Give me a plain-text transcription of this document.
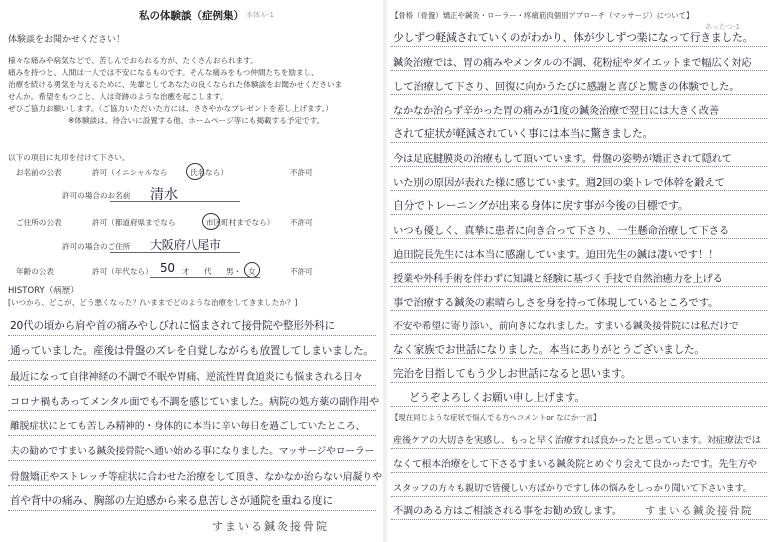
私の体験談（症例集） 本体ル-1
体験談をお聞かせください！
様々な痛みや病気などで、苦しんでおられる方が、たくさんおられます。
痛みを持つと、人間は一人では不安になるものです。そんな痛みをもつ仲間たちを励まし、
治療を続ける勇気を与えるために、先輩としてあなたの良くなられた体験談をお聞かせくださいま
せんか。希望をもつこと、人は奇跡のような治癒を起こします。
ぜひご協力お願いします。（ご協力いただいた方には、ささやかなプレゼントを差し上げます。）
※体験談は、待合いに設置する他、ホームページ等にも掲載する予定です。
以下の項目に丸印を付けて下さい。
お名前の公表	許可（イニシャルなら	氏名なら）	不許可
許可の場合のお名前 清水
ご住所の公表	許可（都道府県までなら	市区町村までなら） 不許可
許可の場合のご住所 大阪府八尾市
年齢の公表	許可（年代なら） 50 才 代 男・ 女	不許可
HISTORY（病歴）
[いつから、どこが、どう悪くなった？/いままでどのような治療をしてきましたか？]
20代の頃から肩や首の痛みやしびれに悩まされて接骨院や整形外科に
通っていました。産後は骨盤のズレを自覚しながらも放置してしまいました。
最近になって自律神経の不調で不眠や胃痛、逆流性胃食道炎にも悩まされる日々
コロナ禍もあってメンタル面でも不調を感じていました。病院の処方薬の副作用や
離脱症状にとても苦しみ精神的・身体的に本当に辛い毎日を過ごしていたところ、
夫の勧めですまいる鍼灸接骨院へ通い始める事になりました。マッサージやローラー
骨盤矯正やストレッチ等症状に合わせた治療をして頂き、なかなか治らない肩凝りや
首や背中の痛み、胸部の左迫感から来る息苦しさが通院を重ねる度に
すまいる鍼灸接骨院
【骨格（骨盤）矯正や鍼灸・ローラー・疼痛筋肉個別アプローチ（マッサージ）について】
あったつ-1
少しずつ軽減されていくのがわかり、体が少しずつ楽になって行きました。
鍼灸治療では、胃の痛みやメンタルの不調、花粉症やダイエットまで幅広く対応
して治療して下さり、回復に向かうたびに感謝と喜びと驚きの体験でした。
なかなか治らず辛かった胃の痛みが1度の鍼灸治療で翌日には大きく改善
されて症状が軽減されていく事には本当に驚きました。
今は足底腱膜炎の治療もして頂いています。骨盤の姿勢が矯正されて隠れて
いた別の原因が表れた様に感じています。週2回の楽トレで体幹を鍛えて
自分でトレーニングが出来る身体に戻す事が今後の目標です。
いつも優しく、真摯に患者に向き合って下さり、一生懸命治療して下さる
迫田院長先生には本当に感謝しています。迫田先生の鍼は凄いです！！
授業や外科手術を伴わずに知識と経験に基づく手技で自然治癒力を上げる
事で治療する鍼灸の素晴らしさを身を持って体現しているところです。
不安や希望に寄り添い、前向きになれました。すまいる鍼灸接骨院には私だけで
なく家族でお世話になりました。本当にありがとうございました。
完治を目指してもう少しお世話になると思います。
どうぞよろしくお願い申し上げます。
【現在同じような症状で悩んでる方へコメントor なにか一言】
産後ケアの大切さを実感し、もっと早く治療すれば良かったと思っています。対症療法では
なくて根本治療をして下さるすまいる鍼灸院とめぐり会えて良かったです。先生方や
スタッフの方々も親切で皆優しい方ばかりですし体の悩みをしっかり聞いて下さいます。
不調のある方はご相談される事をお勧め致します。 すまいる鍼灸接骨院
